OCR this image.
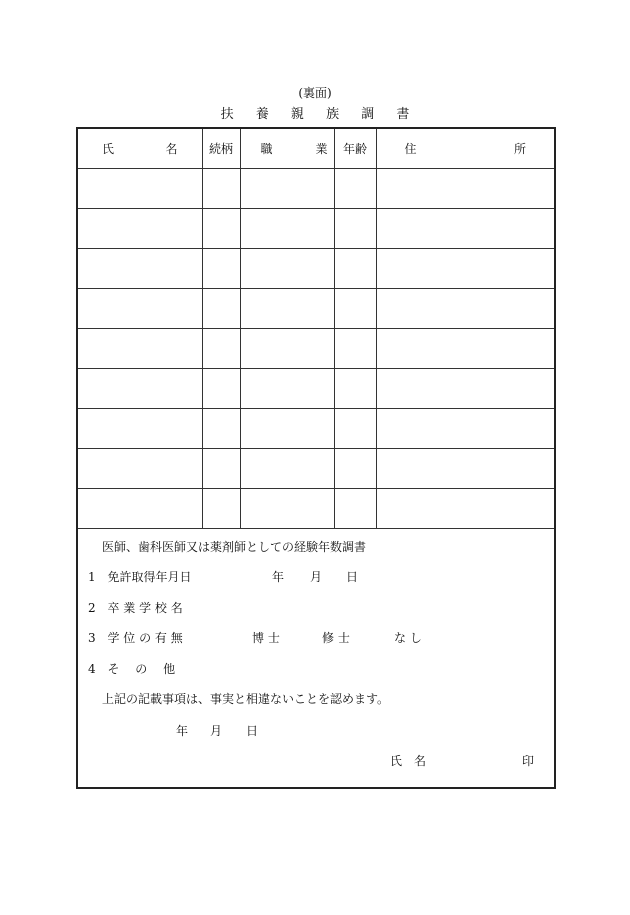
(裏面)
扶 養 親 族 調 書
氏 名	続柄	職 業	年齢	住 所

医師、歯科医師又は薬剤師としての経験年数調書
1 免許取得年月日	年 月 日
2 卒 業 学 校 名
3 学 位 の 有 無	博 士	修 士	な し
4 そ　 の　 他
上記の記載事項は、事実と相違ないことを認めます。
年 月 日
氏　名	印
